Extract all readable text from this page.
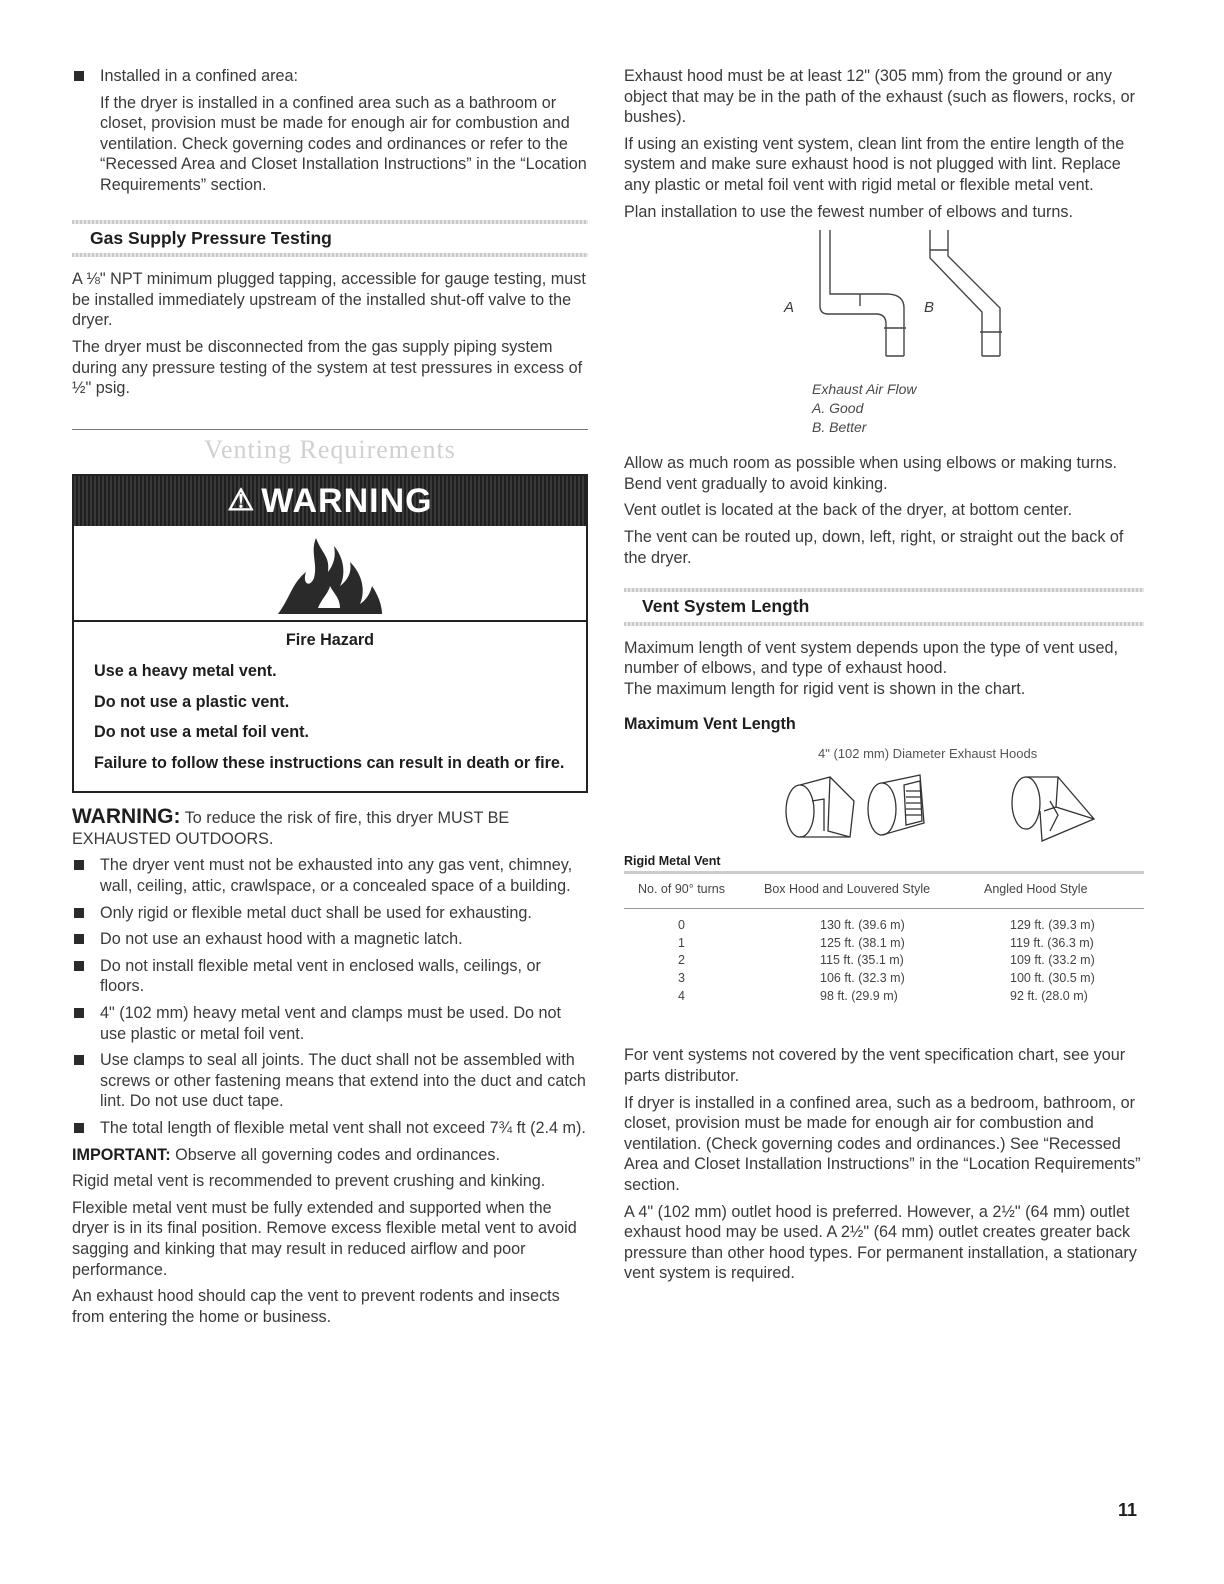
Installed in a confined area:

If the dryer is installed in a confined area such as a bathroom or closet, provision must be made for enough air for combustion and ventilation. Check governing codes and ordinances or refer to the “Recessed Area and Closet Installation Instructions” in the “Location Requirements” section.

Gas Supply Pressure Testing

A ⅛" NPT minimum plugged tapping, accessible for gauge testing, must be installed immediately upstream of the installed shut-off valve to the dryer.

The dryer must be disconnected from the gas supply piping system during any pressure testing of the system at test pressures in excess of ½" psig.

Venting Requirements
⚠ WARNING

Fire Hazard

Use a heavy metal vent.

Do not use a plastic vent.

Do not use a metal foil vent.

Failure to follow these instructions can result in death or fire.

WARNING: To reduce the risk of fire, this dryer MUST BE EXHAUSTED OUTDOORS.

The dryer vent must not be exhausted into any gas vent, chimney, wall, ceiling, attic, crawlspace, or a concealed space of a building.
Only rigid or flexible metal duct shall be used for exhausting.
Do not use an exhaust hood with a magnetic latch.
Do not install flexible metal vent in enclosed walls, ceilings, or floors.
4" (102 mm) heavy metal vent and clamps must be used. Do not use plastic or metal foil vent.
Use clamps to seal all joints. The duct shall not be assembled with screws or other fastening means that extend into the duct and catch lint. Do not use duct tape.
The total length of flexible metal vent shall not exceed 7¾ ft (2.4 m).

IMPORTANT: Observe all governing codes and ordinances.

Rigid metal vent is recommended to prevent crushing and kinking.

Flexible metal vent must be fully extended and supported when the dryer is in its final position. Remove excess flexible metal vent to avoid sagging and kinking that may result in reduced airflow and poor performance.

An exhaust hood should cap the vent to prevent rodents and insects from entering the home or business.

Exhaust hood must be at least 12" (305 mm) from the ground or any object that may be in the path of the exhaust (such as flowers, rocks, or bushes).

If using an existing vent system, clean lint from the entire length of the system and make sure exhaust hood is not plugged with lint. Replace any plastic or metal foil vent with rigid metal or flexible metal vent.

Plan installation to use the fewest number of elbows and turns.

A	B
Exhaust Air Flow
A. Good
B. Better

Allow as much room as possible when using elbows or making turns. Bend vent gradually to avoid kinking.

Vent outlet is located at the back of the dryer, at bottom center.

The vent can be routed up, down, left, right, or straight out the back of the dryer.

Vent System Length
Maximum length of vent system depends upon the type of vent used, number of elbows, and type of exhaust hood.

The maximum length for rigid vent is shown in the chart.

Maximum Vent Length
4" (102 mm) Diameter Exhaust Hoods
Rigid Metal Vent
No. of 90° turns	Box Hood and Louvered Style	Angled Hood Style
0	130 ft. (39.6 m)	129 ft. (39.3 m)
1	125 ft. (38.1 m)	119 ft. (36.3 m)
2	115 ft. (35.1 m)	109 ft. (33.2 m)
3	106 ft. (32.3 m)	100 ft. (30.5 m)
4	98 ft. (29.9 m)	92 ft. (28.0 m)

For vent systems not covered by the vent specification chart, see your parts distributor.

If dryer is installed in a confined area, such as a bedroom, bathroom, or closet, provision must be made for enough air for combustion and ventilation. (Check governing codes and ordinances.) See “Recessed Area and Closet Installation Instructions” in the “Location Requirements” section.

A 4" (102 mm) outlet hood is preferred. However, a 2½" (64 mm) outlet exhaust hood may be used. A 2½" (64 mm) outlet creates greater back pressure than other hood types. For permanent installation, a stationary vent system is required.

11
